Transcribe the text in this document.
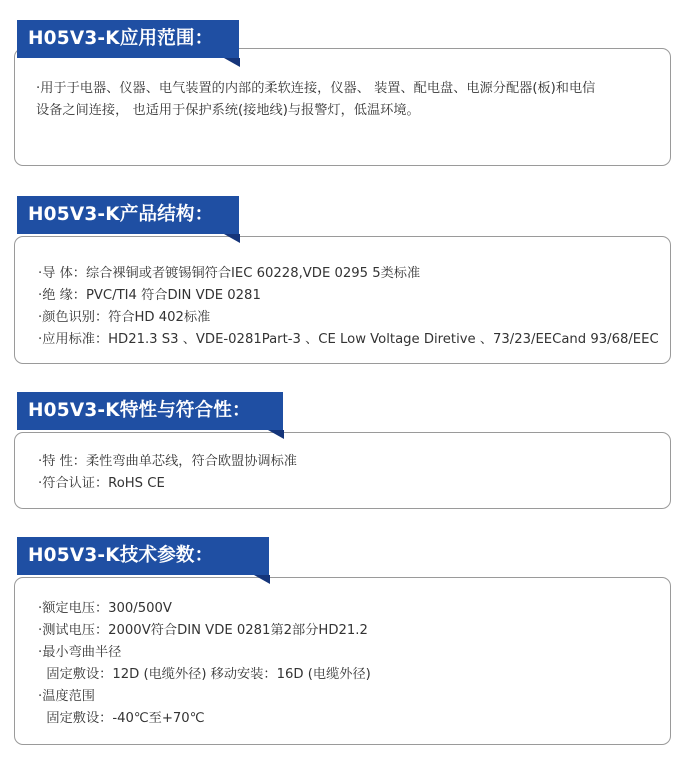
H05V3-K应用范围：
·用于于电器、仪器、电气装置的内部的柔软连接，仪器、 装置、配电盘、电源分配器(板)和电信
设备之间连接， 也适用于保护系统(接地线)与报警灯，低温环境。
H05V3-K产品结构：
·导 体：综合裸铜或者镀锡铜符合IEC 60228,VDE 0295 5类标准
·绝 缘：PVC/TI4 符合DIN VDE 0281
·颜色识别：符合HD 402标准
·应用标准：HD21.3 S3 、VDE-0281Part-3 、CE Low Voltage Diretive 、73/23/EECand 93/68/EEC
H05V3-K特性与符合性：
·特 性：柔性弯曲单芯线，符合欧盟协调标准
·符合认证：RoHS CE
H05V3-K技术参数：
·额定电压：300/500V
·测试电压：2000V符合DIN VDE 0281第2部分HD21.2
·最小弯曲半径
固定敷设：12D (电缆外径) 移动安装：16D (电缆外径)
·温度范围
固定敷设：-40℃至+70℃
